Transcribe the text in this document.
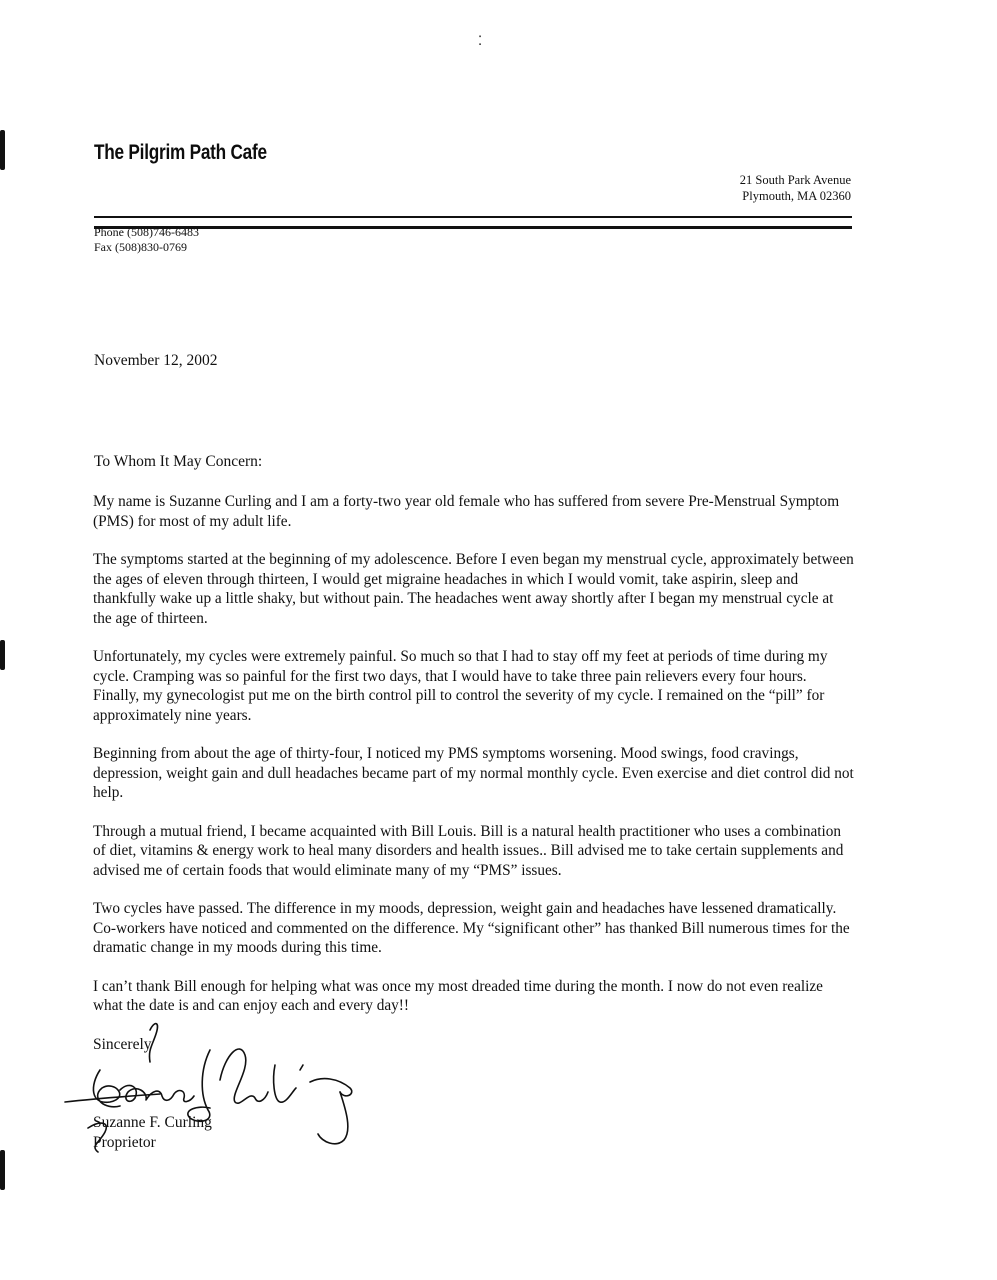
⁚
The Pilgrim Path Cafe
21 South Park Avenue
Plymouth, MA 02360
Phone (508)746-6483
Fax (508)830-0769
November 12, 2002
To Whom It May Concern:

My name is Suzanne Curling and I am a forty-two year old female who has suffered from severe Pre-Menstrual Symptom (PMS) for most of my adult life.

The symptoms started at the beginning of my adolescence. Before I even began my menstrual cycle, approximately between the ages of eleven through thirteen, I would get migraine headaches in which I would vomit, take aspirin, sleep and thankfully wake up a little shaky, but without pain. The headaches went away shortly after I began my menstrual cycle at the age of thirteen.

Unfortunately, my cycles were extremely painful. So much so that I had to stay off my feet at periods of time during my cycle. Cramping was so painful for the first two days, that I would have to take three pain relievers every four hours. Finally, my gynecologist put me on the birth control pill to control the severity of my cycle. I remained on the “pill” for approximately nine years.

Beginning from about the age of thirty-four, I noticed my PMS symptoms worsening. Mood swings, food cravings, depression, weight gain and dull headaches became part of my normal monthly cycle. Even exercise and diet control did not help.

Through a mutual friend, I became acquainted with Bill Louis. Bill is a natural health practitioner who uses a combination of diet, vitamins & energy work to heal many disorders and health issues.. Bill advised me to take certain supplements and advised me of certain foods that would eliminate many of my “PMS” issues.

Two cycles have passed. The difference in my moods, depression, weight gain and headaches have lessened dramatically. Co-workers have noticed and commented on the difference. My “significant other” has thanked Bill numerous times for the dramatic change in my moods during this time.

I can’t thank Bill enough for helping what was once my most dreaded time during the month. I now do not even realize what the date is and can enjoy each and every day!!

Sincerely
Suzanne F. Curling
Proprietor
